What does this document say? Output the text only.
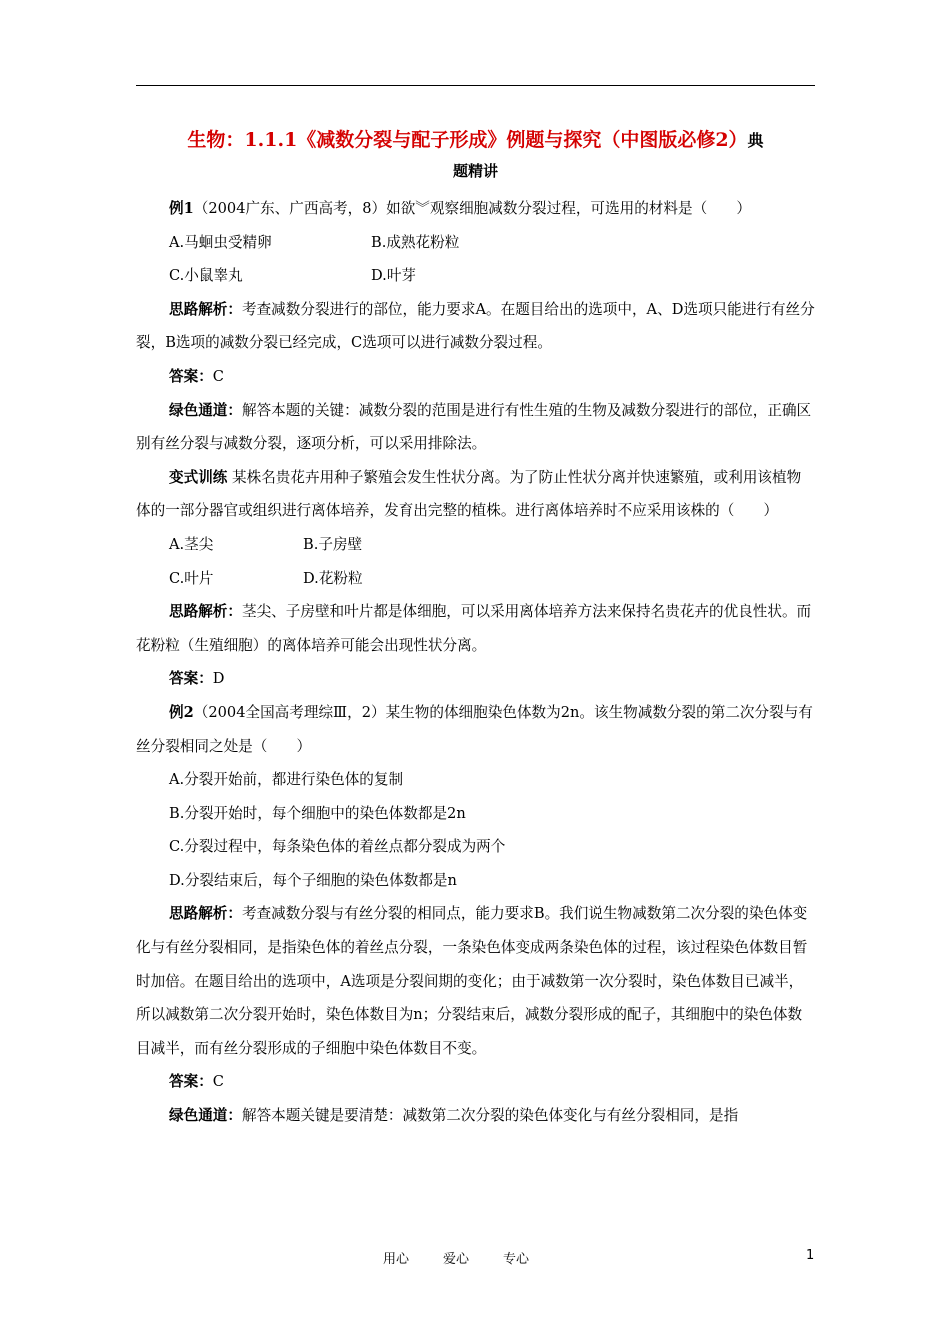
生物：1.1.1《减数分裂与配子形成》例题与探究（中图版必修2）典
题精讲

例1（2004广东、广西高考，8）如欲︾观察细胞减数分裂过程，可选用的材料是（　　）

A.马蛔虫受精卵	B.成熟花粉粒
C.小鼠睾丸	D.叶芽

思路解析：考查减数分裂进行的部位，能力要求A。在题目给出的选项中，A、D选项只能进行有丝分裂，B选项的减数分裂已经完成，C选项可以进行减数分裂过程。

答案：C

绿色通道：解答本题的关键：减数分裂的范围是进行有性生殖的生物及减数分裂进行的部位，正确区别有丝分裂与减数分裂，逐项分析，可以采用排除法。

变式训练 某株名贵花卉用种子繁殖会发生性状分离。为了防止性状分离并快速繁殖，或利用该植物体的一部分器官或组织进行离体培养，发育出完整的植株。进行离体培养时不应采用该株的（　　）

A.茎尖	B.子房壁
C.叶片	D.花粉粒

思路解析：茎尖、子房壁和叶片都是体细胞，可以采用离体培养方法来保持名贵花卉的优良性状。而花粉粒（生殖细胞）的离体培养可能会出现性状分离。

答案：D

例2（2004全国高考理综Ⅲ，2）某生物的体细胞染色体数为2n。该生物减数分裂的第二次分裂与有丝分裂相同之处是（　　）

A.分裂开始前，都进行染色体的复制
B.分裂开始时，每个细胞中的染色体数都是2n
C.分裂过程中，每条染色体的着丝点都分裂成为两个
D.分裂结束后，每个子细胞的染色体数都是n

思路解析：考查减数分裂与有丝分裂的相同点，能力要求B。我们说生物减数第二次分裂的染色体变化与有丝分裂相同，是指染色体的着丝点分裂，一条染色体变成两条染色体的过程，该过程染色体数目暂时加倍。在题目给出的选项中，A选项是分裂间期的变化；由于减数第一次分裂时，染色体数目已减半，所以减数第二次分裂开始时，染色体数目为n；分裂结束后，减数分裂形成的配子，其细胞中的染色体数目减半，而有丝分裂形成的子细胞中染色体数目不变。

答案：C

绿色通道：解答本题关键是要清楚：减数第二次分裂的染色体变化与有丝分裂相同，是指

用心	爱心	专心	1
